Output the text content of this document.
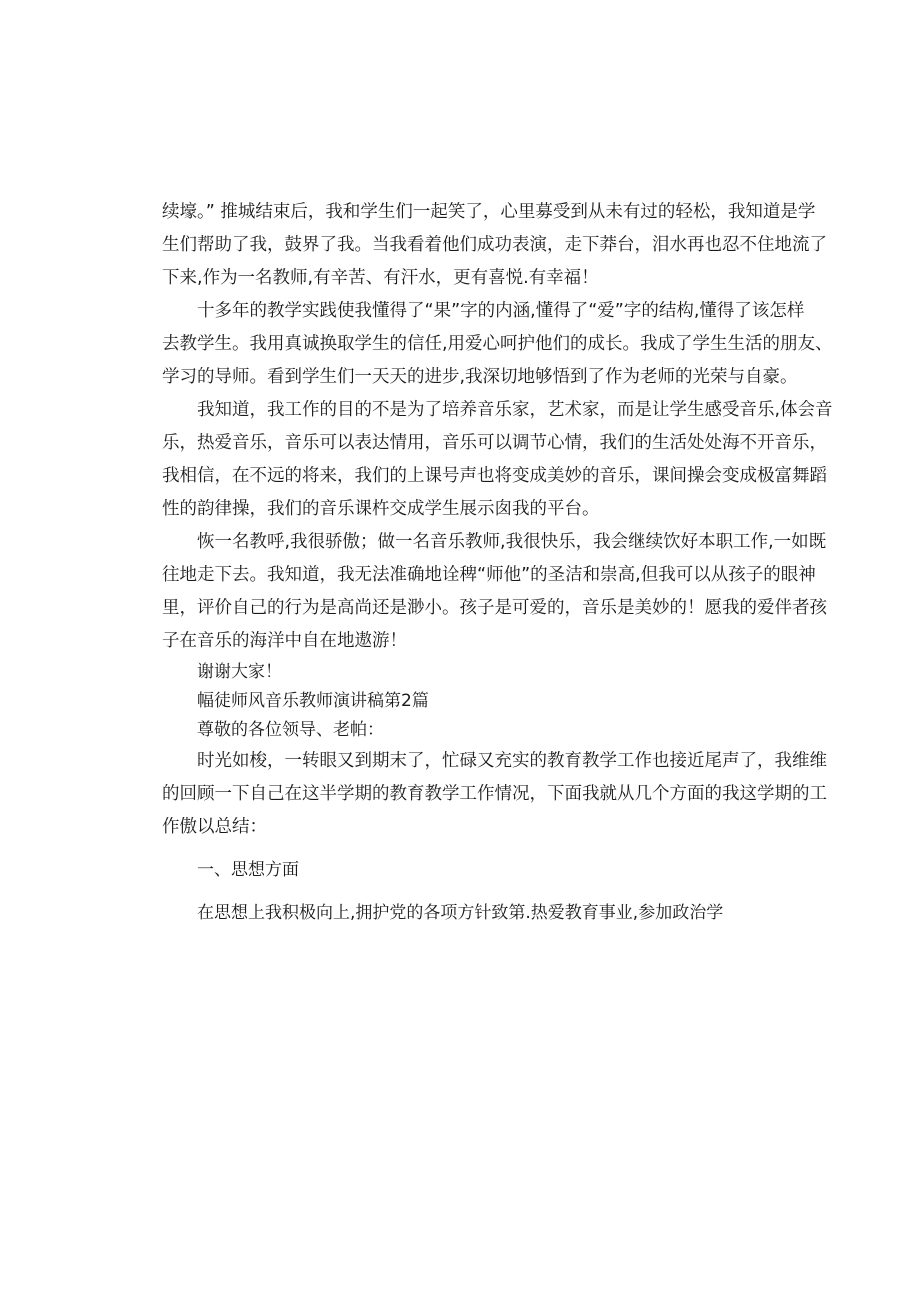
续壕。” 推城结束后，我和学生们一起笑了，心里募受到从未有过的轻松，我知道是学
生们帮助了我，鼓界了我。当我看着他们成功表演，走下莽台，泪水再也忍不住地流了
下来,作为一名教师,有辛苦、有汗水，更有喜悦.有幸福！
十多年的教学实践使我懂得了“果”字的内涵,懂得了“爱”字的结构,懂得了该怎样
去教学生。我用真诚换取学生的信任,用爱心呵护他们的成长。我成了学生生活的朋友、
学习的导师。看到学生们一天天的进步,我深切地够悟到了作为老师的光荣与自豪。
我知道，我工作的目的不是为了培养音乐家，艺术家，而是让学生感受音乐,体会音
乐，热爱音乐，音乐可以表达情用，音乐可以调节心情，我们的生活处处海不开音乐，
我相信，在不远的将来，我们的上课号声也将变成美妙的音乐，课间操会变成极富舞蹈
性的韵律操，我们的音乐课杵交成学生展示囱我的平台。
恢一名教呼,我很骄傲；做一名音乐教师,我很快乐，我会继续饮好本职工作,一如既
往地走下去。我知道，我无法准确地诠稗“师他”的圣洁和崇高,但我可以从孩子的眼神
里，评价自己的行为是高尚还是渺小。孩子是可爱的，音乐是美妙的！愿我的爱伴者孩
子在音乐的海洋中自在地遨游！
谢谢大家！
幅徒师风音乐教师演讲稿第2篇
尊敬的各位领导、老帕：
时光如梭，一转眼又到期末了，忙碌又充实的教育教学工作也接近尾声了，我维维
的回顾一下自己在这半学期的教育教学工作情况，下面我就从几个方面的我这学期的工
作傲以总结：
一、思想方面
在思想上我积极向上,拥护党的各项方针致第.热爱教育事业,参加政治学
